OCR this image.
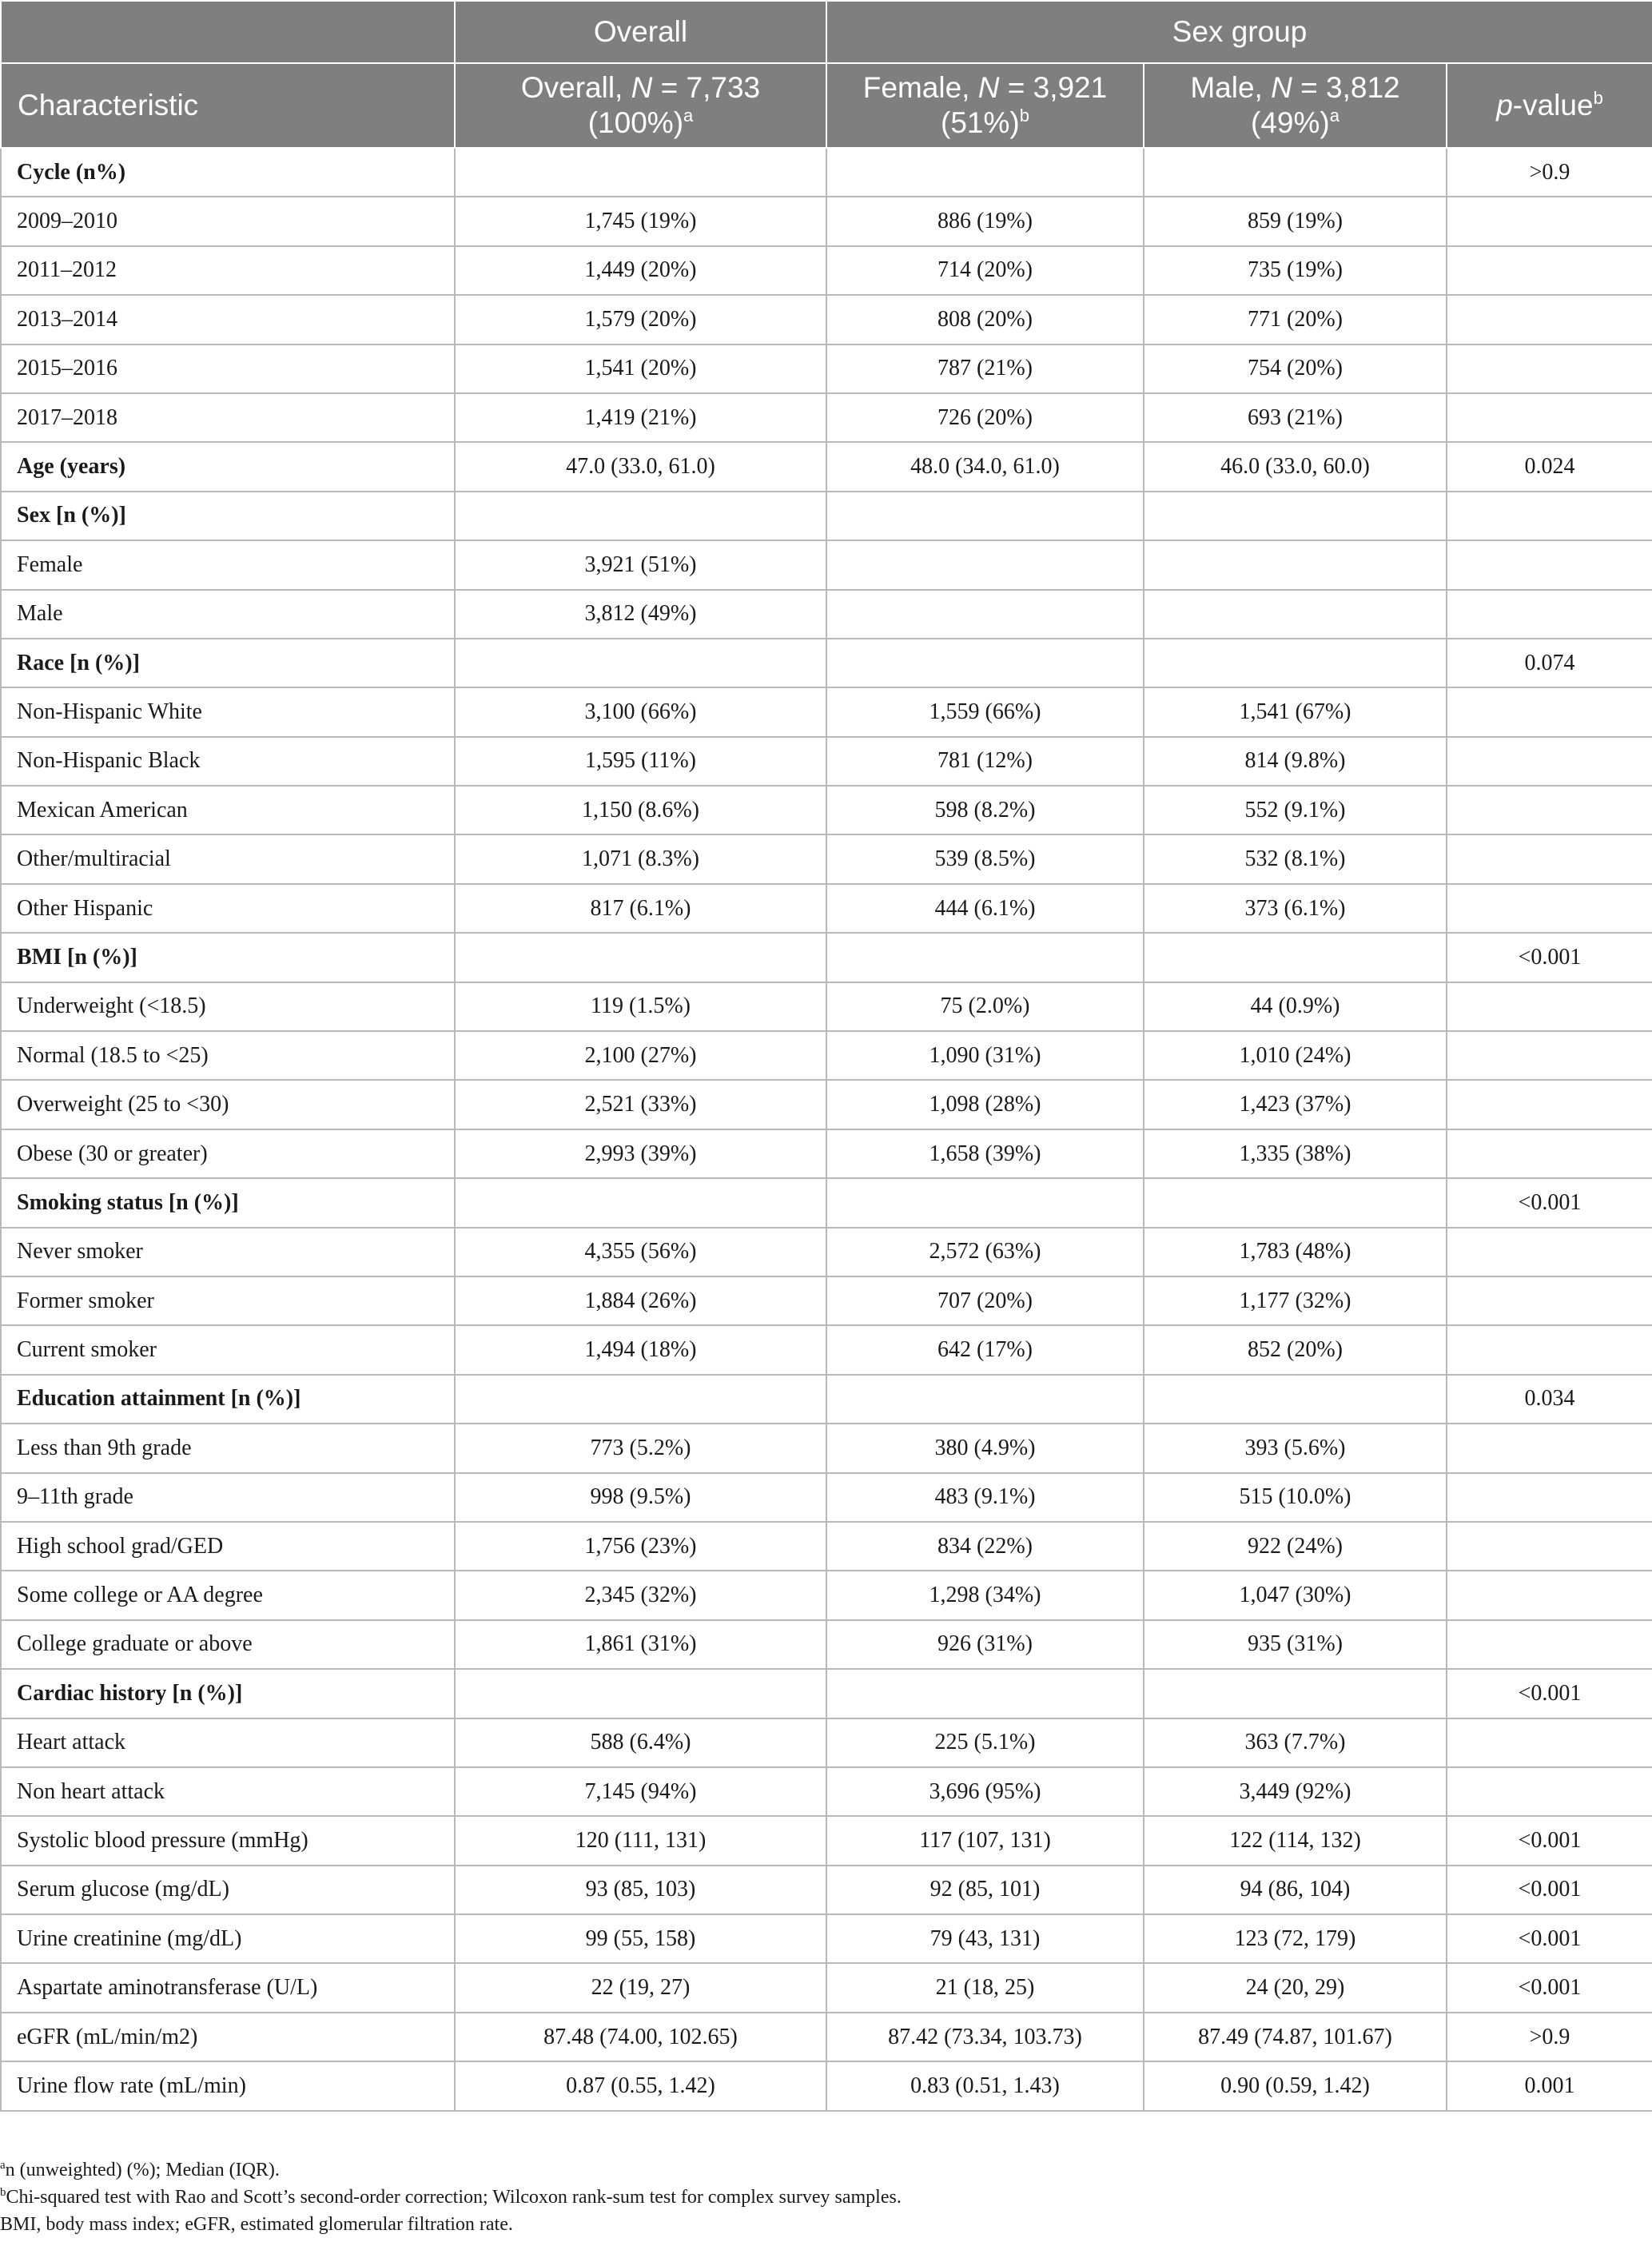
	Overall	Sex group		
Characteristic	Overall, N = 7,733 $(100\%)^a$	Female, N = 3,921 $(51\%)^b$	Male, N = 3,812 $(49\%)^a$	p-value$^b$
Cycle (n%)				>0.9
2009–2010	1,745 (19%)	886 (19%)	859 (19%)	
2011–2012	1,449 (20%)	714 (20%)	735 (19%)	
2013–2014	1,579 (20%)	808 (20%)	771 (20%)	
2015–2016	1,541 (20%)	787 (21%)	754 (20%)	
2017–2018	1,419 (21%)	726 (20%)	693 (21%)	
Age (years)	47.0 (33.0, 61.0)	48.0 (34.0, 61.0)	46.0 (33.0, 60.0)	0.024
Sex [n (%)]				
Female	3,921 (51%)			
Male	3,812 (49%)			
Race [n (%)]				0.074
Non-Hispanic White	3,100 (66%)	1,559 (66%)	1,541 (67%)	
Non-Hispanic Black	1,595 (11%)	781 (12%)	814 (9.8%)	
Mexican American	1,150 (8.6%)	598 (8.2%)	552 (9.1%)	
Other/multiracial	1,071 (8.3%)	539 (8.5%)	532 (8.1%)	
Other Hispanic	817 (6.1%)	444 (6.1%)	373 (6.1%)	
BMI [n (%)]				<0.001
Underweight (<18.5)	119 (1.5%)	75 (2.0%)	44 (0.9%)	
Normal (18.5 to <25)	2,100 (27%)	1,090 (31%)	1,010 (24%)	
Overweight (25 to <30)	2,521 (33%)	1,098 (28%)	1,423 (37%)	
Obese (30 or greater)	2,993 (39%)	1,658 (39%)	1,335 (38%)	
Smoking status [n (%)]				<0.001
Never smoker	4,355 (56%)	2,572 (63%)	1,783 (48%)	
Former smoker	1,884 (26%)	707 (20%)	1,177 (32%)	
Current smoker	1,494 (18%)	642 (17%)	852 (20%)	
Education attainment [n (%)]				0.034
Less than 9th grade	773 (5.2%)	380 (4.9%)	393 (5.6%)	
9–11th grade	998 (9.5%)	483 (9.1%)	515 (10.0%)	
High school grad/GED	1,756 (23%)	834 (22%)	922 (24%)	
Some college or AA degree	2,345 (32%)	1,298 (34%)	1,047 (30%)	
College graduate or above	1,861 (31%)	926 (31%)	935 (31%)	
Cardiac history [n (%)]				<0.001
Heart attack	588 (6.4%)	225 (5.1%)	363 (7.7%)	
Non heart attack	7,145 (94%)	3,696 (95%)	3,449 (92%)	
Systolic blood pressure (mmHg)	120 (111, 131)	117 (107, 131)	122 (114, 132)	<0.001
Serum glucose (mg/dL)	93 (85, 103)	92 (85, 101)	94 (86, 104)	<0.001
Urine creatinine (mg/dL)	99 (55, 158)	79 (43, 131)	123 (72, 179)	<0.001
Aspartate aminotransferase (U/L)	22 (19, 27)	21 (18, 25)	24 (20, 29)	<0.001
eGFR (mL/min/m2)	87.48 (74.00, 102.65)	87.42 (73.34, 103.73)	87.49 (74.87, 101.67)	>0.9
Urine flow rate (mL/min)	0.87 (0.55, 1.42)	0.83 (0.51, 1.43)	0.90 (0.59, 1.42)	0.001

$^a$n (unweighted) (%); Median (IQR).

$^b$Chi-squared test with Rao and Scott’s second-order correction; Wilcoxon rank-sum test for complex survey samples.

BMI, body mass index; eGFR, estimated glomerular filtration rate.
